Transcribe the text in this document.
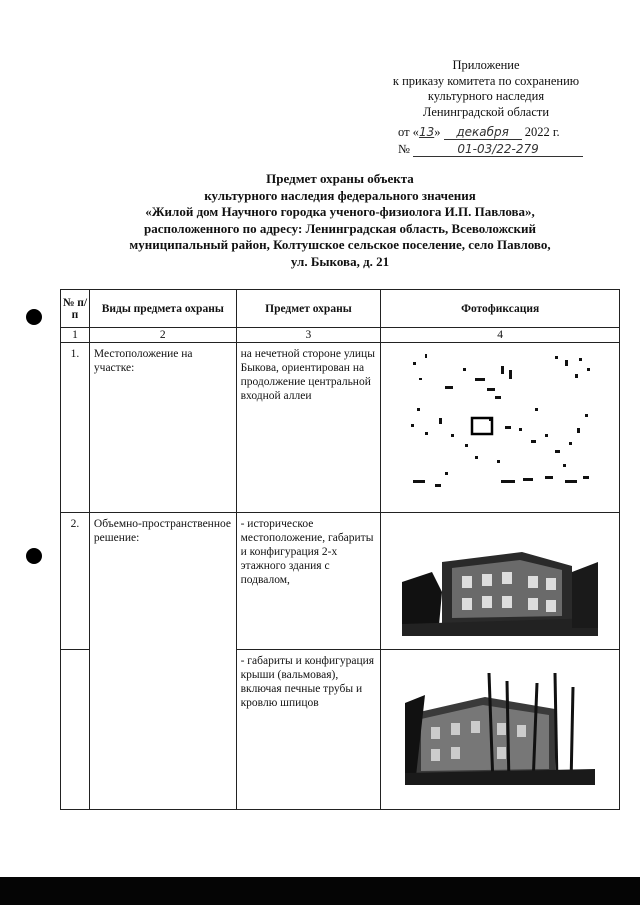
Приложение
к приказу комитета по сохранению
культурного наследия
Ленинградской области
от «13» декабря 2022 г.
№	01-03/22-279
Предмет охраны объекта
культурного наследия федерального значения
«Жилой дом Научного городка ученого-физиолога И.П. Павлова»,
расположенного по адресу: Ленинградская область, Всеволожский
муниципальный район, Колтушское сельское поселение, село Павлово,
ул. Быкова, д. 21
№ п/п	Виды предмета охраны	Предмет охраны	Фотофиксация
1	2	3	4
1.	Местоположение на участке:	на нечетной стороне улицы Быкова, ориентирован на продолжение центральной входной аллеи	

2.	Объемно-пространственное решение:	- историческое местоположение, габариты и конфигурация 2-х этажного здания с подвалом,	

		- габариты и конфигурация крыши (вальмовая), включая печные трубы и кровлю шпицов	
